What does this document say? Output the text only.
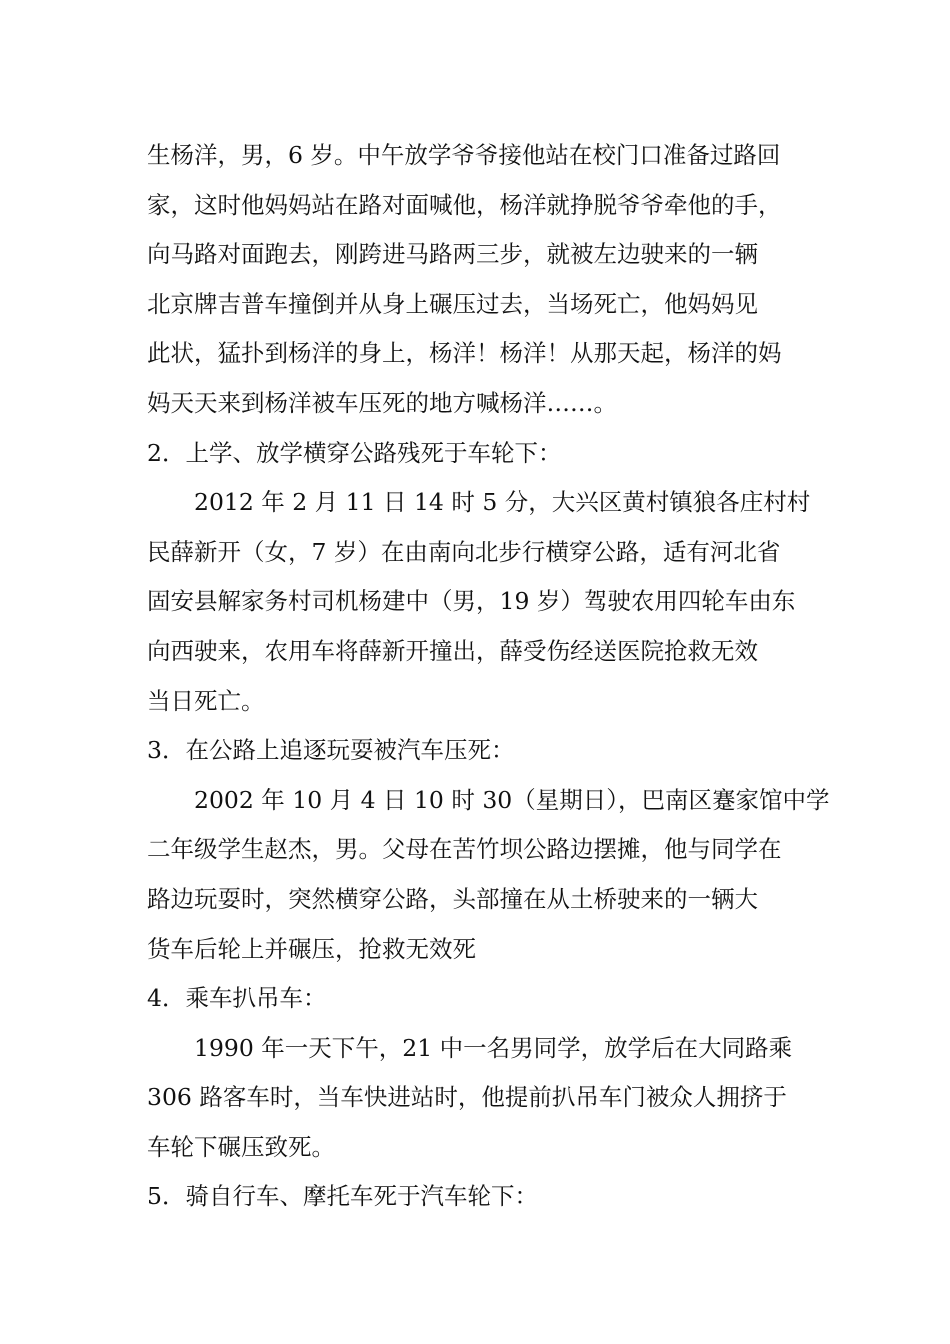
生杨洋，男，6 岁。中午放学爷爷接他站在校门口准备过路回
家，这时他妈妈站在路对面喊他，杨洋就挣脱爷爷牵他的手，
向马路对面跑去，刚跨进马路两三步，就被左边驶来的一辆
北京牌吉普车撞倒并从身上碾压过去，当场死亡，他妈妈见
此状，猛扑到杨洋的身上，杨洋！杨洋！从那天起，杨洋的妈
妈天天来到杨洋被车压死的地方喊杨洋……。
2．上学、放学横穿公路残死于车轮下：
2012 年 2 月 11 日 14 时 5 分，大兴区黄村镇狼各庄村村
民薛新开（女，7 岁）在由南向北步行横穿公路，适有河北省
固安县解家务村司机杨建中（男，19 岁）驾驶农用四轮车由东
向西驶来，农用车将薛新开撞出，薛受伤经送医院抢救无效
当日死亡。
3．在公路上追逐玩耍被汽车压死：
2002 年 10 月 4 日 10 时 30（星期日），巴南区蹇家馆中学
二年级学生赵杰，男。父母在苦竹坝公路边摆摊，他与同学在
路边玩耍时，突然横穿公路，头部撞在从土桥驶来的一辆大
货车后轮上并碾压，抢救无效死
4．乘车扒吊车：
1990 年一天下午，21 中一名男同学，放学后在大同路乘
306 路客车时，当车快进站时，他提前扒吊车门被众人拥挤于
车轮下碾压致死。
5．骑自行车、摩托车死于汽车轮下：
